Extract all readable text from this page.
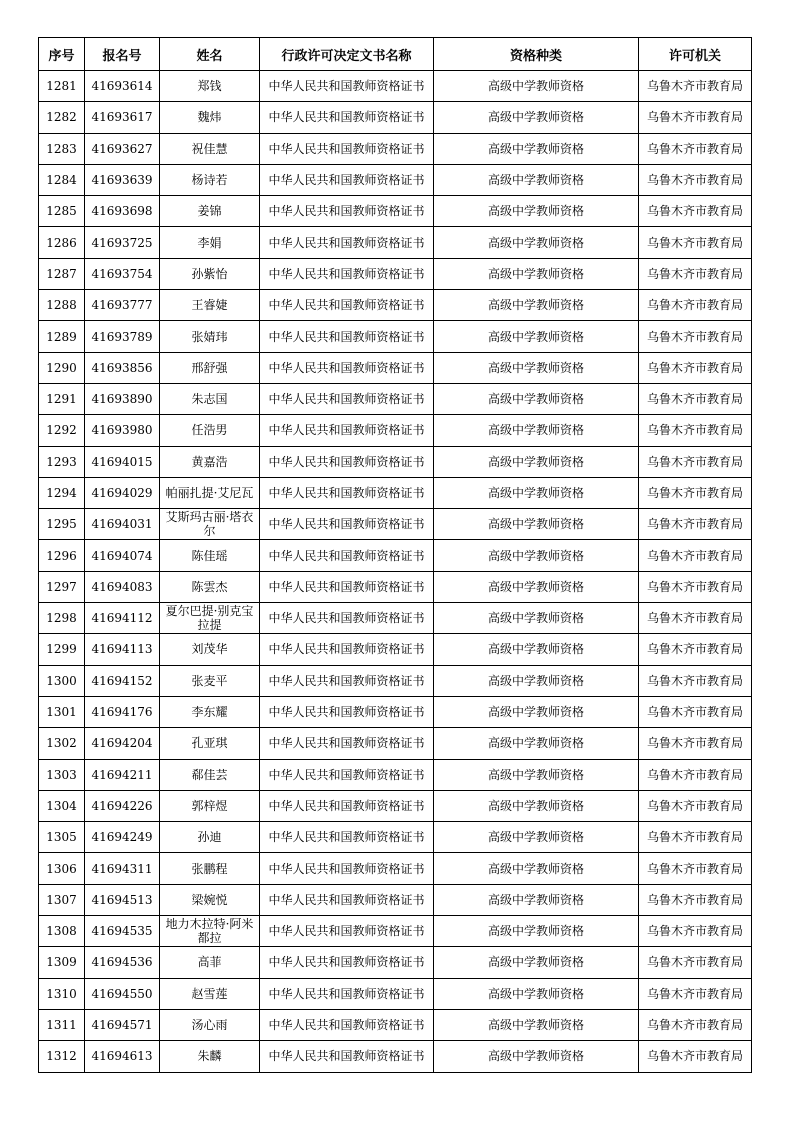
序号	报名号	姓名	行政许可决定文书名称	资格种类	许可机关
1281	41693614	郑钱	中华人民共和国教师资格证书	高级中学教师资格	乌鲁木齐市教育局
1282	41693617	魏炜	中华人民共和国教师资格证书	高级中学教师资格	乌鲁木齐市教育局
1283	41693627	祝佳慧	中华人民共和国教师资格证书	高级中学教师资格	乌鲁木齐市教育局
1284	41693639	杨诗若	中华人民共和国教师资格证书	高级中学教师资格	乌鲁木齐市教育局
1285	41693698	姜锦	中华人民共和国教师资格证书	高级中学教师资格	乌鲁木齐市教育局
1286	41693725	李娟	中华人民共和国教师资格证书	高级中学教师资格	乌鲁木齐市教育局
1287	41693754	孙紫怡	中华人民共和国教师资格证书	高级中学教师资格	乌鲁木齐市教育局
1288	41693777	王睿婕	中华人民共和国教师资格证书	高级中学教师资格	乌鲁木齐市教育局
1289	41693789	张婧玮	中华人民共和国教师资格证书	高级中学教师资格	乌鲁木齐市教育局
1290	41693856	邢舒强	中华人民共和国教师资格证书	高级中学教师资格	乌鲁木齐市教育局
1291	41693890	朱志国	中华人民共和国教师资格证书	高级中学教师资格	乌鲁木齐市教育局
1292	41693980	任浩男	中华人民共和国教师资格证书	高级中学教师资格	乌鲁木齐市教育局
1293	41694015	黄嘉浩	中华人民共和国教师资格证书	高级中学教师资格	乌鲁木齐市教育局
1294	41694029	帕丽扎提·艾尼瓦	中华人民共和国教师资格证书	高级中学教师资格	乌鲁木齐市教育局
1295	41694031	艾斯玛古丽·塔衣尔	中华人民共和国教师资格证书	高级中学教师资格	乌鲁木齐市教育局
1296	41694074	陈佳瑶	中华人民共和国教师资格证书	高级中学教师资格	乌鲁木齐市教育局
1297	41694083	陈雲杰	中华人民共和国教师资格证书	高级中学教师资格	乌鲁木齐市教育局
1298	41694112	夏尔巴提·别克宝拉提	中华人民共和国教师资格证书	高级中学教师资格	乌鲁木齐市教育局
1299	41694113	刘茂华	中华人民共和国教师资格证书	高级中学教师资格	乌鲁木齐市教育局
1300	41694152	张麦平	中华人民共和国教师资格证书	高级中学教师资格	乌鲁木齐市教育局
1301	41694176	李东耀	中华人民共和国教师资格证书	高级中学教师资格	乌鲁木齐市教育局
1302	41694204	孔亚琪	中华人民共和国教师资格证书	高级中学教师资格	乌鲁木齐市教育局
1303	41694211	郗佳芸	中华人民共和国教师资格证书	高级中学教师资格	乌鲁木齐市教育局
1304	41694226	郭梓煜	中华人民共和国教师资格证书	高级中学教师资格	乌鲁木齐市教育局
1305	41694249	孙迪	中华人民共和国教师资格证书	高级中学教师资格	乌鲁木齐市教育局
1306	41694311	张鹏程	中华人民共和国教师资格证书	高级中学教师资格	乌鲁木齐市教育局
1307	41694513	梁婉悦	中华人民共和国教师资格证书	高级中学教师资格	乌鲁木齐市教育局
1308	41694535	地力木拉特·阿米都拉	中华人民共和国教师资格证书	高级中学教师资格	乌鲁木齐市教育局
1309	41694536	高菲	中华人民共和国教师资格证书	高级中学教师资格	乌鲁木齐市教育局
1310	41694550	赵雪莲	中华人民共和国教师资格证书	高级中学教师资格	乌鲁木齐市教育局
1311	41694571	汤心雨	中华人民共和国教师资格证书	高级中学教师资格	乌鲁木齐市教育局
1312	41694613	朱麟	中华人民共和国教师资格证书	高级中学教师资格	乌鲁木齐市教育局
